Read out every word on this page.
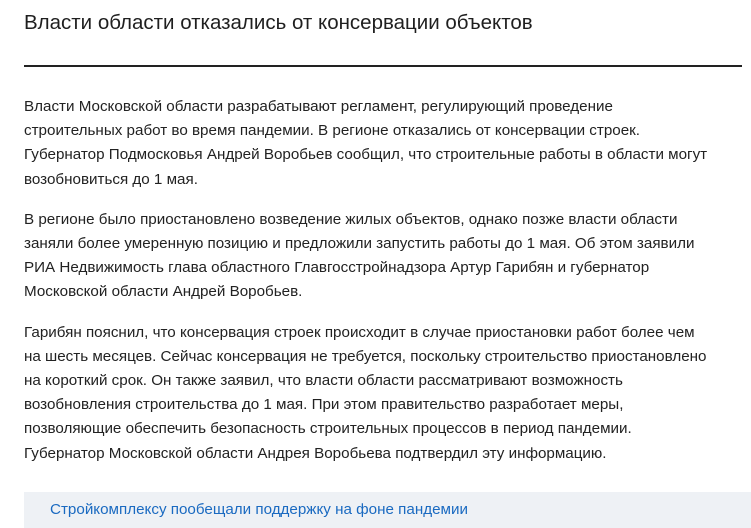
Власти области отказались от консервации объектов

Власти Московской области разрабатывают регламент, регулирующий проведение
строительных работ во время пандемии. В регионе отказались от консервации строек.
Губернатор Подмосковья Андрей Воробьев сообщил, что строительные работы в области могут
возобновиться до 1 мая.

В регионе было приостановлено возведение жилых объектов, однако позже власти области
заняли более умеренную позицию и предложили запустить работы до 1 мая. Об этом заявили
РИА Недвижимость глава областного Главгосстройнадзора Артур Гарибян и губернатор
Московской области Андрей Воробьев.

Гарибян пояснил, что консервация строек происходит в случае приостановки работ более чем
на шесть месяцев. Сейчас консервация не требуется, поскольку строительство приостановлено
на короткий срок. Он также заявил, что власти области рассматривают возможность
возобновления строительства до 1 мая. При этом правительство разработает меры,
позволяющие обеспечить безопасность строительных процессов в период пандемии.
Губернатор Московской области Андрея Воробьева подтвердил эту информацию.

Стройкомплексу пообещали поддержку на фоне пандемии
